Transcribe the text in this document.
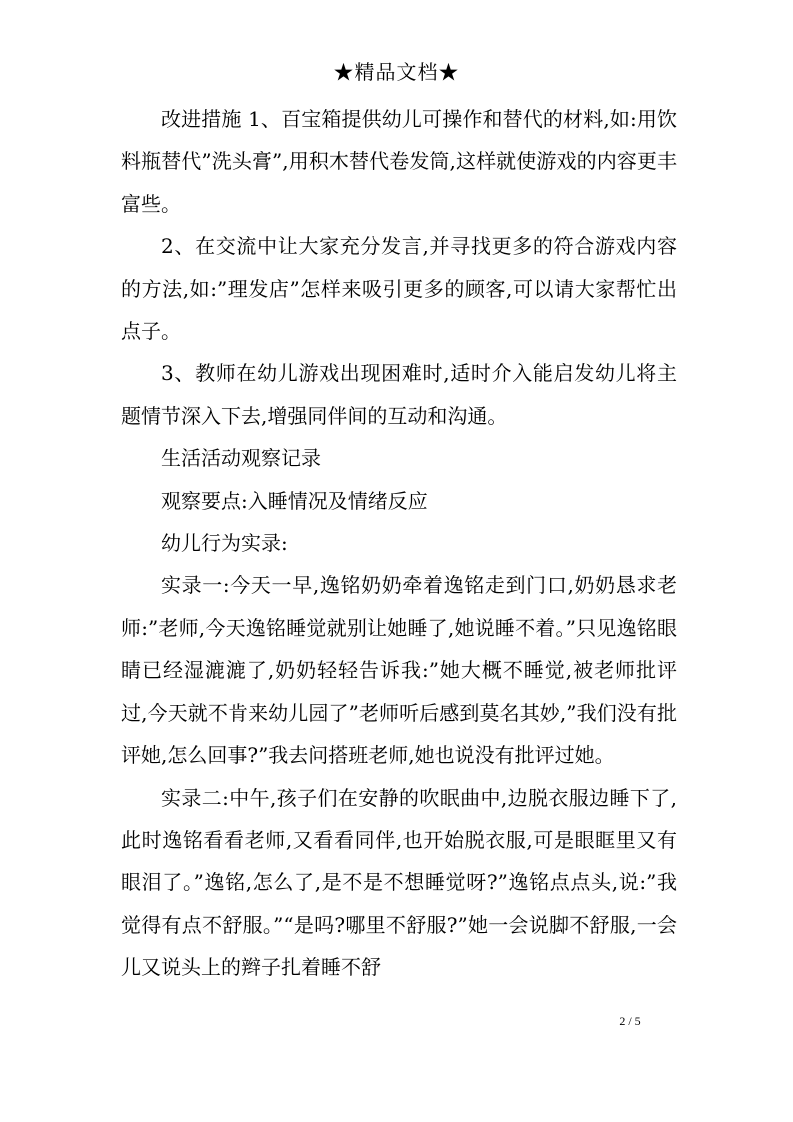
★精品文档★

改进措施 1、百宝箱提供幼儿可操作和替代的材料,如:用饮料瓶替代”洗头膏”,用积木替代卷发筒,这样就使游戏的内容更丰富些。

2、在交流中让大家充分发言,并寻找更多的符合游戏内容的方法,如:”理发店”怎样来吸引更多的顾客,可以请大家帮忙出点子。

3、教师在幼儿游戏出现困难时,适时介入能启发幼儿将主题情节深入下去,增强同伴间的互动和沟通。

生活活动观察记录

观察要点:入睡情况及情绪反应

幼儿行为实录:

实录一:今天一早,逸铭奶奶牵着逸铭走到门口,奶奶恳求老师:”老师,今天逸铭睡觉就别让她睡了,她说睡不着。”只见逸铭眼睛已经湿漉漉了,奶奶轻轻告诉我:”她大概不睡觉,被老师批评过,今天就不肯来幼儿园了”老师听后感到莫名其妙,”我们没有批评她,怎么回事?”我去问搭班老师,她也说没有批评过她。

实录二:中午,孩子们在安静的吹眠曲中,边脱衣服边睡下了,此时逸铭看看老师,又看看同伴,也开始脱衣服,可是眼眶里又有眼泪了。”逸铭,怎么了,是不是不想睡觉呀?”逸铭点点头,说:”我觉得有点不舒服。”“是吗?哪里不舒服?”她一会说脚不舒服,一会儿又说头上的辫子扎着睡不舒

2 / 5
